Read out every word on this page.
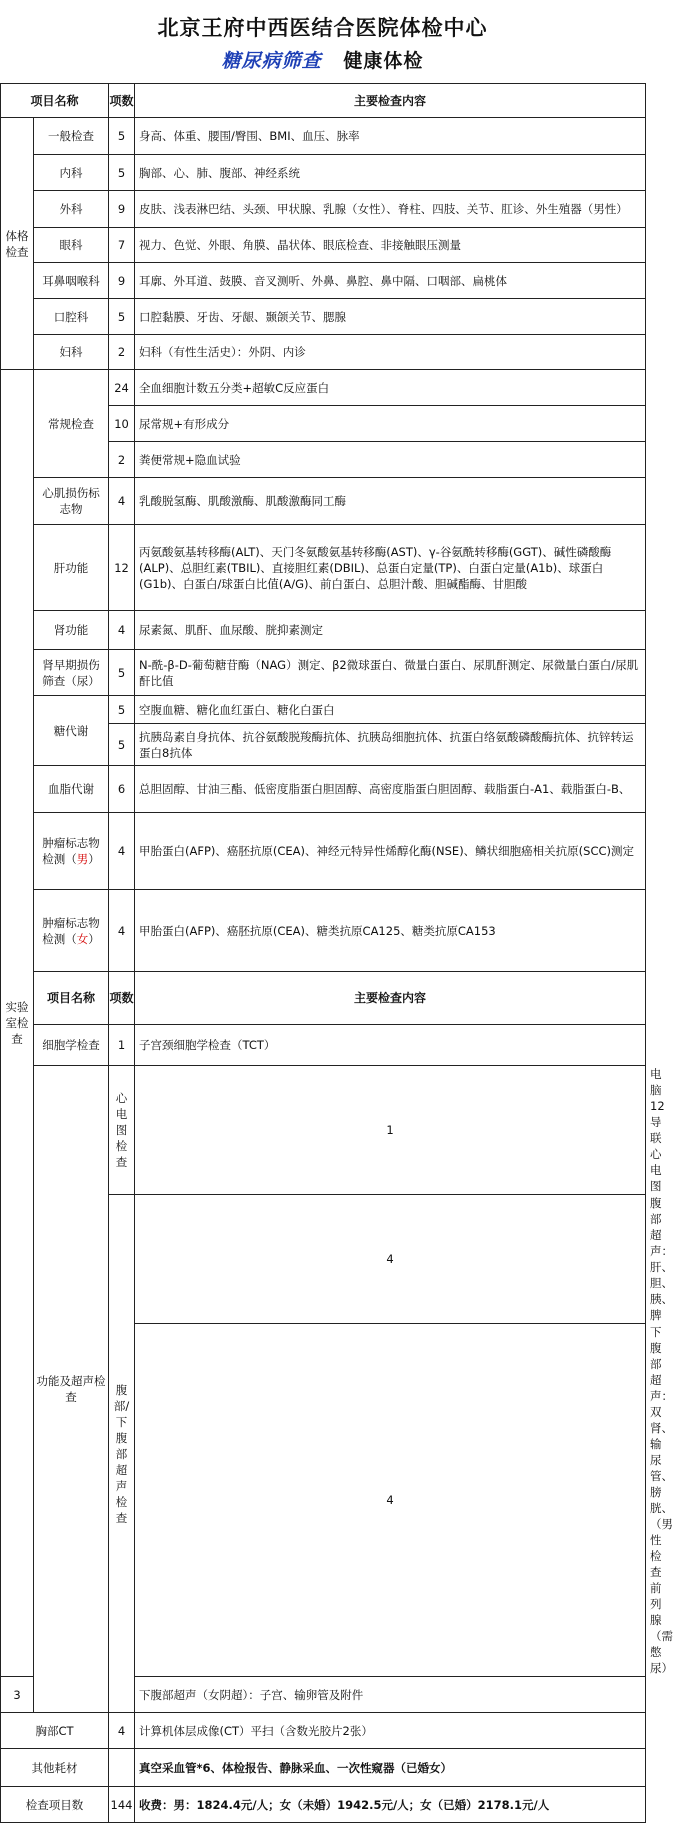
北京王府中西医结合医院体检中心
糖尿病筛查 健康体检
项目名称		项数	主要检查内容	
体格检查	一般检查	5	身高、体重、腰围/臀围、BMI、血压、脉率	
	内科	5	胸部、心、肺、腹部、神经系统	
	外科	9	皮肤、浅表淋巴结、头颈、甲状腺、乳腺（女性）、脊柱、四肢、关节、肛诊、外生殖器（男性）	
	眼科	7	视力、色觉、外眼、角膜、晶状体、眼底检查、非接触眼压测量	
	耳鼻咽喉科	9	耳廓、外耳道、鼓膜、音叉测听、外鼻、鼻腔、鼻中隔、口咽部、扁桃体	
	口腔科	5	口腔黏膜、牙齿、牙龈、颞颌关节、腮腺	
	妇科	2	妇科（有性生活史）：外阴、内诊	
实验室检查	常规检查	24	全血细胞计数五分类+超敏C反应蛋白	
		10	尿常规+有形成分	
		2	粪便常规+隐血试验	
	心肌损伤标志物	4	乳酸脱氢酶、肌酸激酶、肌酸激酶同工酶	
	肝功能	12	丙氨酸氨基转移酶(ALT)、天门冬氨酸氨基转移酶(AST)、γ-谷氨酰转移酶(GGT)、碱性磷酸酶(ALP)、总胆红素(TBIL)、直接胆红素(DBIL)、总蛋白定量(TP)、白蛋白定量(A1b)、球蛋白(G1b)、白蛋白/球蛋白比值(A/G)、前白蛋白、总胆汁酸、胆碱酯酶、甘胆酸	
	肾功能	4	尿素氮、肌酐、血尿酸、胱抑素测定	
	肾早期损伤筛查（尿）	5	N-酰-β-D-葡萄糖苷酶（NAG）测定、β2微球蛋白、微量白蛋白、尿肌酐测定、尿微量白蛋白/尿肌酐比值	
	糖代谢	5	空腹血糖、糖化血红蛋白、糖化白蛋白	
		5	抗胰岛素自身抗体、抗谷氨酸脱羧酶抗体、抗胰岛细胞抗体、抗蛋白络氨酸磷酸酶抗体、抗锌转运蛋白8抗体	
	血脂代谢	6	总胆固醇、甘油三酯、低密度脂蛋白胆固醇、高密度脂蛋白胆固醇、载脂蛋白-A1、载脂蛋白-B、	
	肿瘤标志物检测（男）	4	甲胎蛋白(AFP)、癌胚抗原(CEA)、神经元特异性烯醇化酶(NSE)、鳞状细胞癌相关抗原(SCC)测定	
	肿瘤标志物检测（女）	4	甲胎蛋白(AFP)、癌胚抗原(CEA)、糖类抗原CA125、糖类抗原CA153	
	项目名称	项数	主要检查内容	
	细胞学检查	1	子宫颈细胞学检查（TCT）	
	功能及超声检查	心电图检查	1	电脑12导联心电图
		腹部/下腹部超声检查	4	腹部超声：肝、胆、胰、脾
			4	下腹部超声：双肾、输尿管、膀胱、（男性检查前列腺（需憋尿）
3			下腹部超声（女阴超）：子宫、输卵管及附件	
胸部CT		4	计算机体层成像(CT）平扫（含数光胶片2张）	
其他耗材			真空采血管*6、体检报告、静脉采血、一次性窥器（已婚女）	
检查项目数		144	收费：男：1824.4元/人；女（未婚）1942.5元/人；女（已婚）2178.1元/人	
